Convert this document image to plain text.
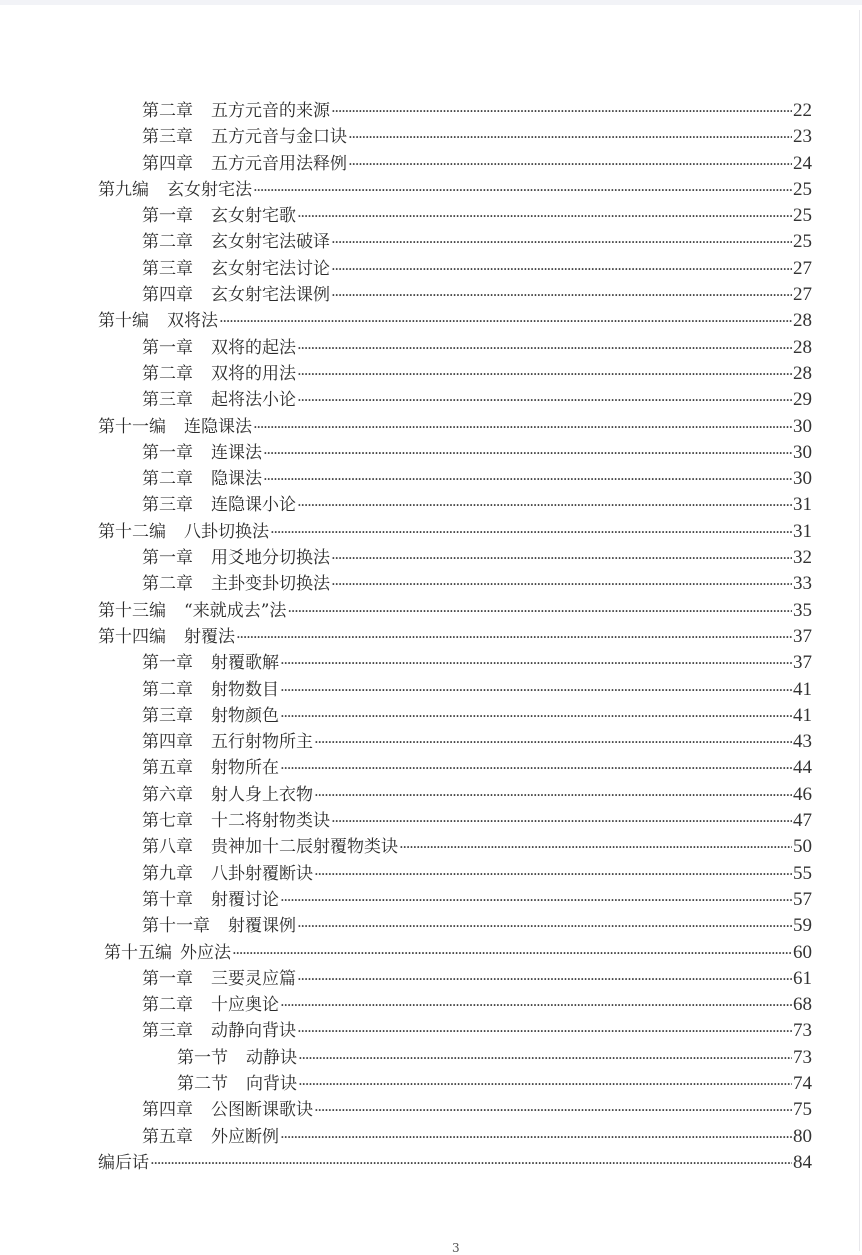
第二章 五方元音的来源 ·····	22
第三章 五方元音与金口诀 ·····	23
第四章 五方元音用法释例 ·····	24
第九编 玄女射宅法 ·····	25
第一章 玄女射宅歌 ·····	25
第二章 玄女射宅法破译 ·····	25
第三章 玄女射宅法讨论 ·····	27
第四章 玄女射宅法课例 ·····	27
第十编 双将法 ·····	28
第一章 双将的起法 ·····	28
第二章 双将的用法 ·····	28
第三章 起将法小论 ·····	29
第十一编 连隐课法 ·····	30
第一章 连课法 ·····	30
第二章 隐课法 ·····	30
第三章 连隐课小论 ·····	31
第十二编 八卦切换法 ·····	31
第一章 用爻地分切换法 ·····	32
第二章 主卦变卦切换法 ·····	33
第十三编 “来就成去”法 ·····	35
第十四编 射覆法 ·····	37
第一章 射覆歌解 ·····	37
第二章 射物数目 ·····	41
第三章 射物颜色 ·····	41
第四章 五行射物所主 ·····	43
第五章 射物所在 ·····	44
第六章 射人身上衣物 ·····	46
第七章 十二将射物类诀 ·····	47
第八章 贵神加十二辰射覆物类诀 ·····	50
第九章 八卦射覆断诀 ·····	55
第十章 射覆讨论 ·····	57
第十一章 射覆课例 ·····	59
第十五编 外应法 ·····	60
第一章 三要灵应篇 ·····	61
第二章 十应奥论 ·····	68
第三章 动静向背诀 ·····	73
第一节 动静诀 ·····	73
第二节 向背诀 ·····	74
第四章 公图断课歌诀 ·····	75
第五章 外应断例 ·····	80
编后话 ·····	84
3
